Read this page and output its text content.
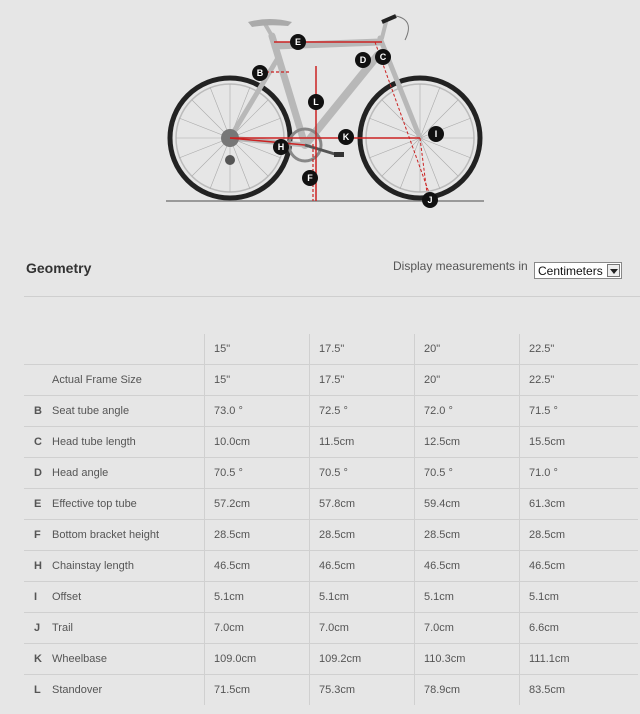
E
B
D C
L
K	I
H
F
J
Geometry	Display measurements in Centimeters
		15"	17.5"	20"	22.5"
	Actual Frame Size	15"	17.5"	20"	22.5"
B	Seat tube angle	73.0 °	72.5 °	72.0 °	71.5 °
C	Head tube length	10.0cm	11.5cm	12.5cm	15.5cm
D	Head angle	70.5 °	70.5 °	70.5 °	71.0 °
E	Effective top tube	57.2cm	57.8cm	59.4cm	61.3cm
F	Bottom bracket height	28.5cm	28.5cm	28.5cm	28.5cm
H	Chainstay length	46.5cm	46.5cm	46.5cm	46.5cm
I	Offset	5.1cm	5.1cm	5.1cm	5.1cm
J	Trail	7.0cm	7.0cm	7.0cm	6.6cm
K	Wheelbase	109.0cm	109.2cm	110.3cm	111.1cm
L	Standover	71.5cm	75.3cm	78.9cm	83.5cm
